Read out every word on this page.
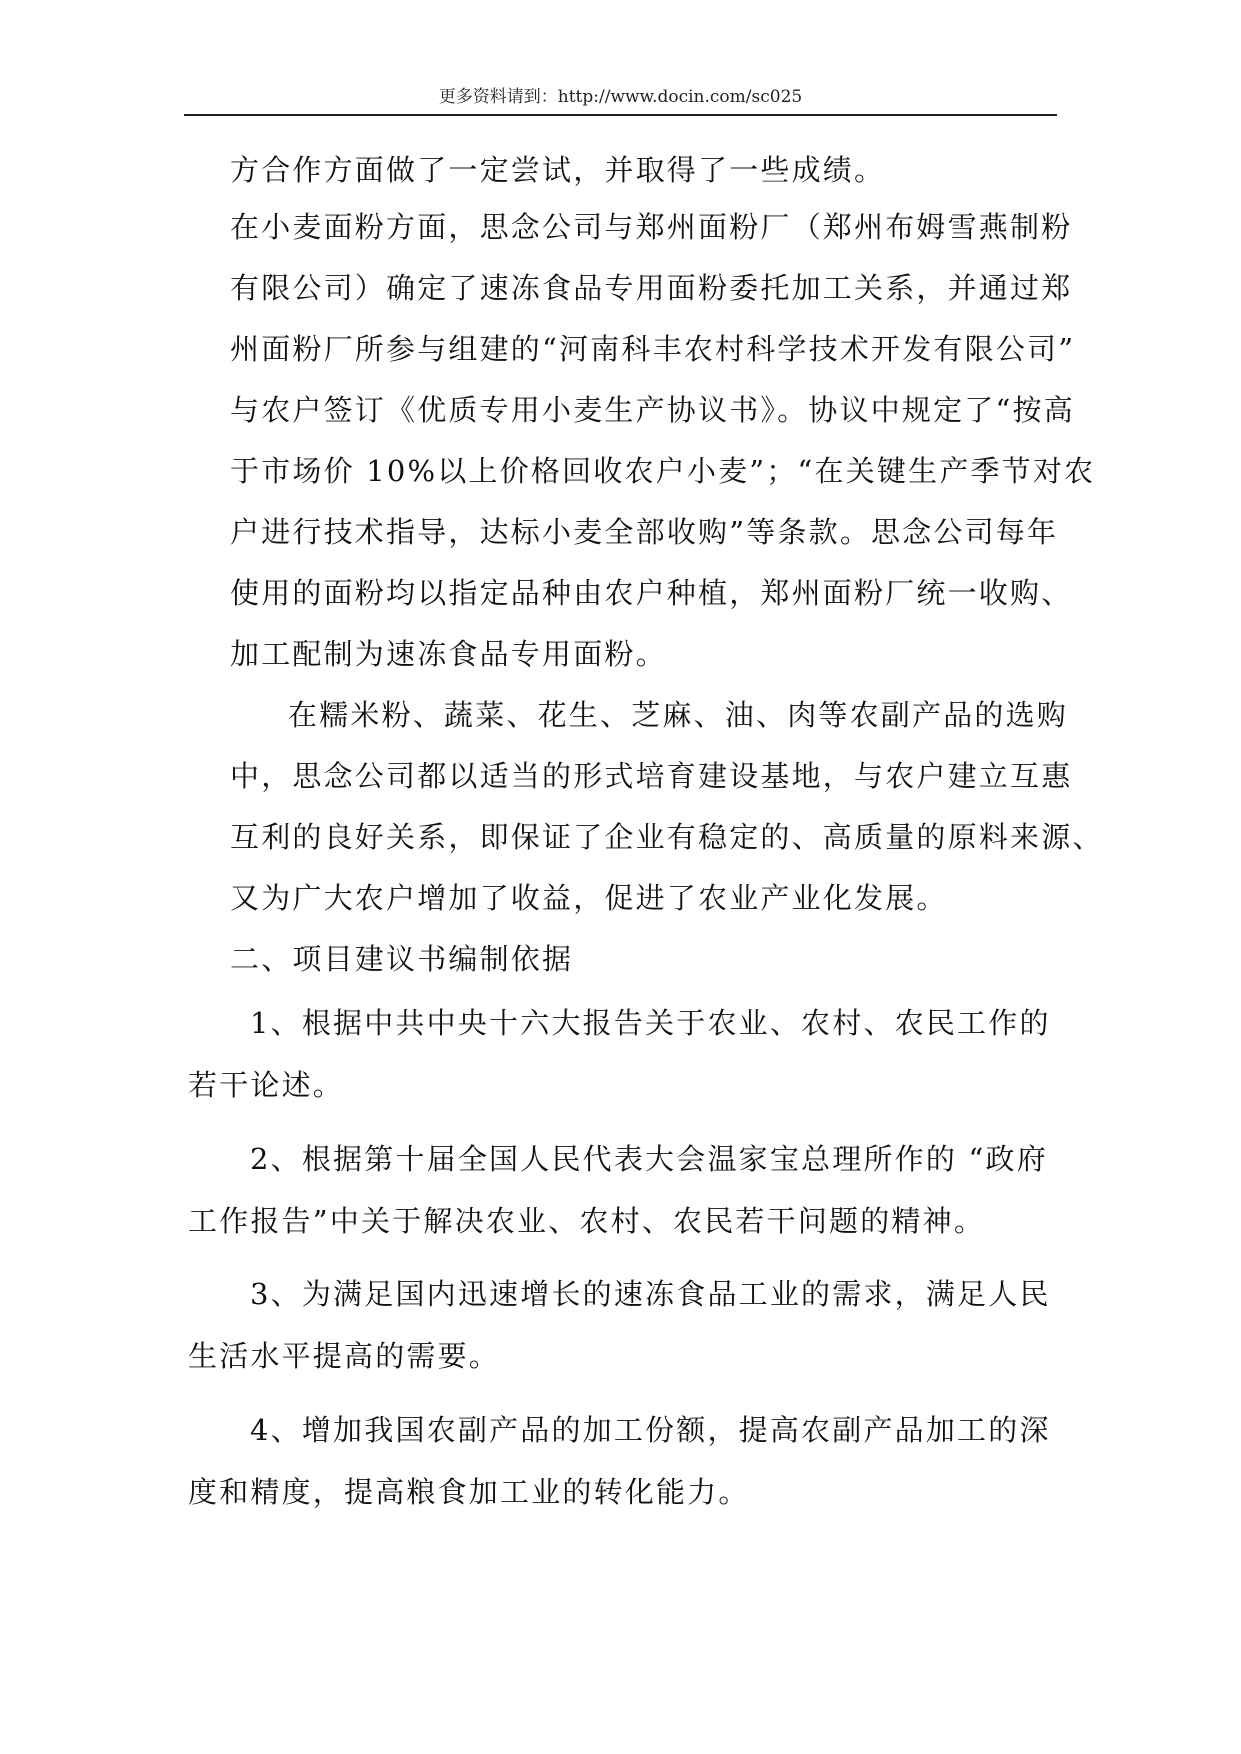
更多资料请到：http://www.docin.com/sc025
方合作方面做了一定尝试，并取得了一些成绩。
在小麦面粉方面，思念公司与郑州面粉厂（郑州布姆雪燕制粉
有限公司）确定了速冻食品专用面粉委托加工关系，并通过郑
州面粉厂所参与组建的“河南科丰农村科学技术开发有限公司”
与农户签订《优质专用小麦生产协议书》。协议中规定了“按高
于市场价 10%以上价格回收农户小麦”；“在关键生产季节对农
户进行技术指导，达标小麦全部收购”等条款。思念公司每年
使用的面粉均以指定品种由农户种植，郑州面粉厂统一收购、
加工配制为速冻食品专用面粉。
在糯米粉、蔬菜、花生、芝麻、油、肉等农副产品的选购
中，思念公司都以适当的形式培育建设基地，与农户建立互惠
互利的良好关系，即保证了企业有稳定的、高质量的原料来源、
又为广大农户增加了收益，促进了农业产业化发展。
二、项目建议书编制依据
1、根据中共中央十六大报告关于农业、农村、农民工作的
若干论述。
2、根据第十届全国人民代表大会温家宝总理所作的 “政府
工作报告”中关于解决农业、农村、农民若干问题的精神。
3、为满足国内迅速增长的速冻食品工业的需求，满足人民
生活水平提高的需要。
4、增加我国农副产品的加工份额，提高农副产品加工的深
度和精度，提高粮食加工业的转化能力。
